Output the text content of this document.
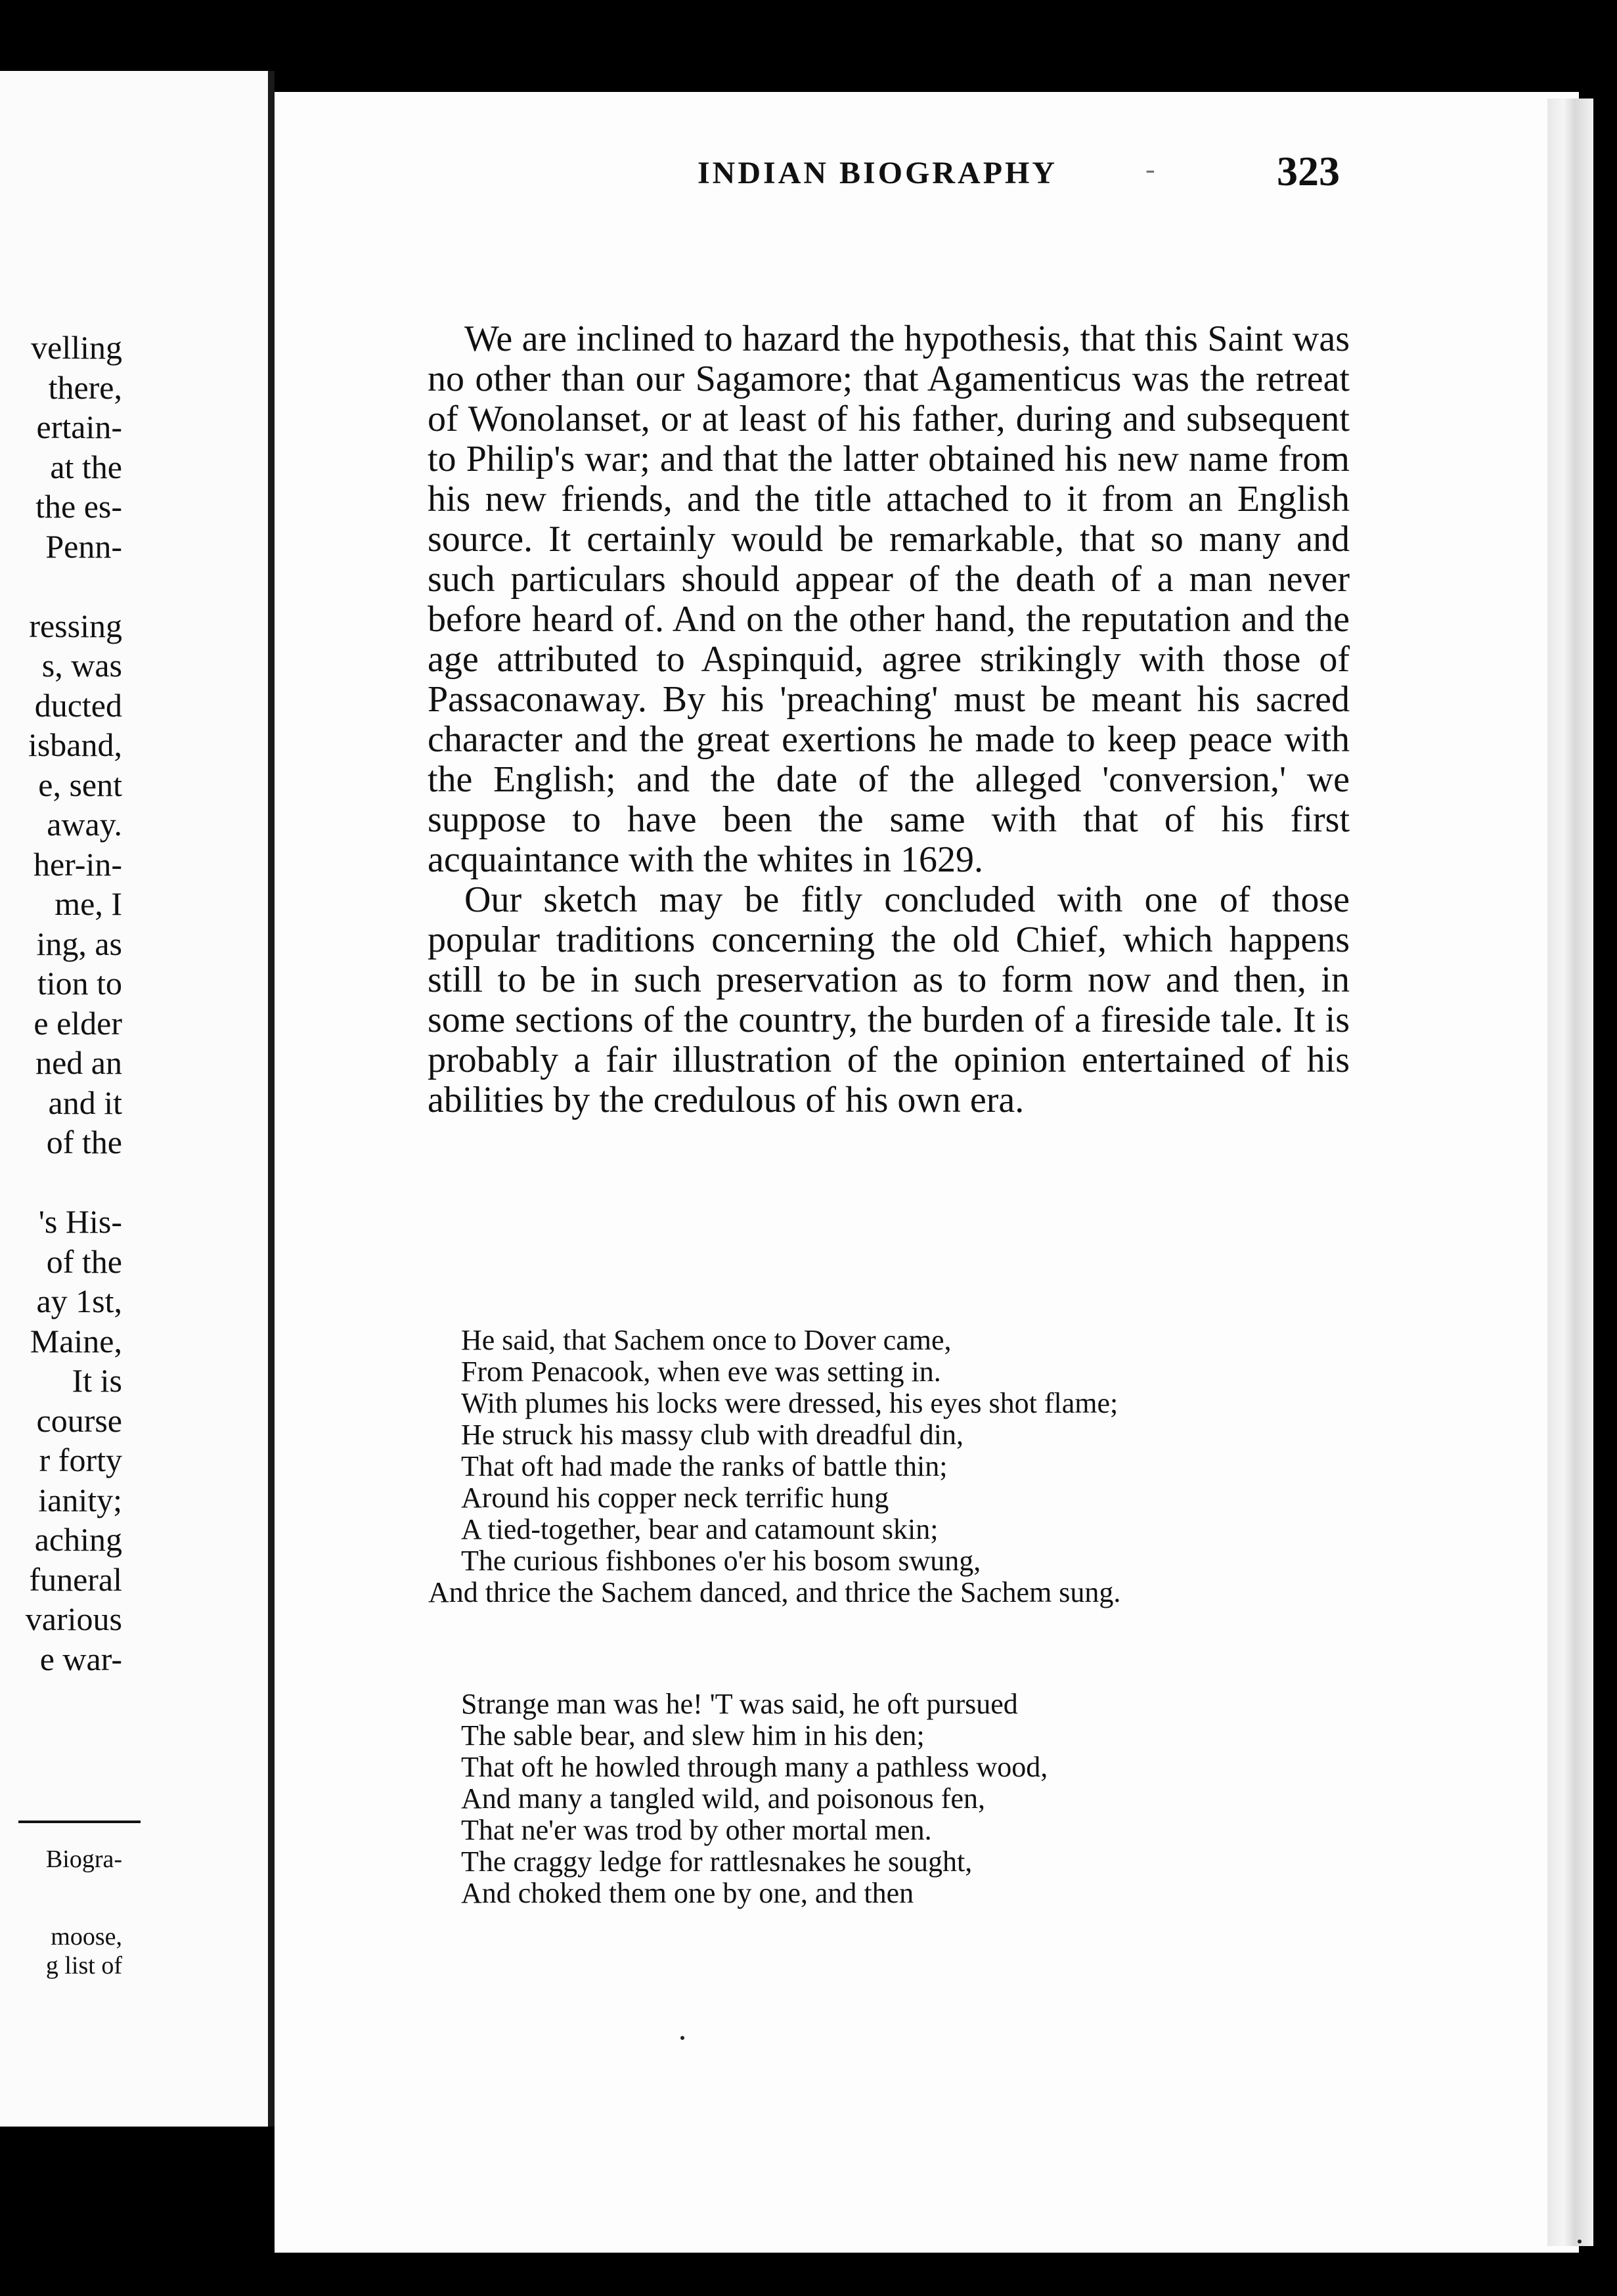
velling
there,
ertain-
at the
the es-
Penn-
ressing
s, was
ducted
isband,
e, sent
away.
her-in-
me, I
ing, as
tion to
e elder
ned an
and it
of the
's His-
of the
ay 1st,
Maine,
It is
course
r forty
ianity;
aching
funeral
various
e war-
Biogra-
moose,
g list of
INDIAN BIOGRAPHY	-	323

We are inclined to hazard the hypothesis, that this Saint was no other than our Sagamore; that Agamenticus was the retreat of Wonolanset, or at least of his father, during and subsequent to Philip's war; and that the latter obtained his new name from his new friends, and the title attached to it from an English source. It certainly would be remarkable, that so many and such particulars should appear of the death of a man never before heard of. And on the other hand, the reputation and the age attributed to Aspinquid, agree strikingly with those of Passaconaway. By his 'preaching' must be meant his sacred character and the great exertions he made to keep peace with the English; and the date of the alleged 'conversion,' we suppose to have been the same with that of his first acquaintance with the whites in 1629.

Our sketch may be fitly concluded with one of those popular traditions concerning the old Chief, which happens still to be in such preservation as to form now and then, in some sections of the country, the burden of a fireside tale. It is probably a fair illustration of the opinion entertained of his abilities by the credulous of his own era.

He said, that Sachem once to Dover came,
From Penacook, when eve was setting in.
With plumes his locks were dressed, his eyes shot flame;
He struck his massy club with dreadful din,
That oft had made the ranks of battle thin;
Around his copper neck terrific hung
A tied-together, bear and catamount skin;
The curious fishbones o'er his bosom swung,
And thrice the Sachem danced, and thrice the Sachem sung.
Strange man was he! 'T was said, he oft pursued
The sable bear, and slew him in his den;
That oft he howled through many a pathless wood,
And many a tangled wild, and poisonous fen,
That ne'er was trod by other mortal men.
The craggy ledge for rattlesnakes he sought,
And choked them one by one, and then
